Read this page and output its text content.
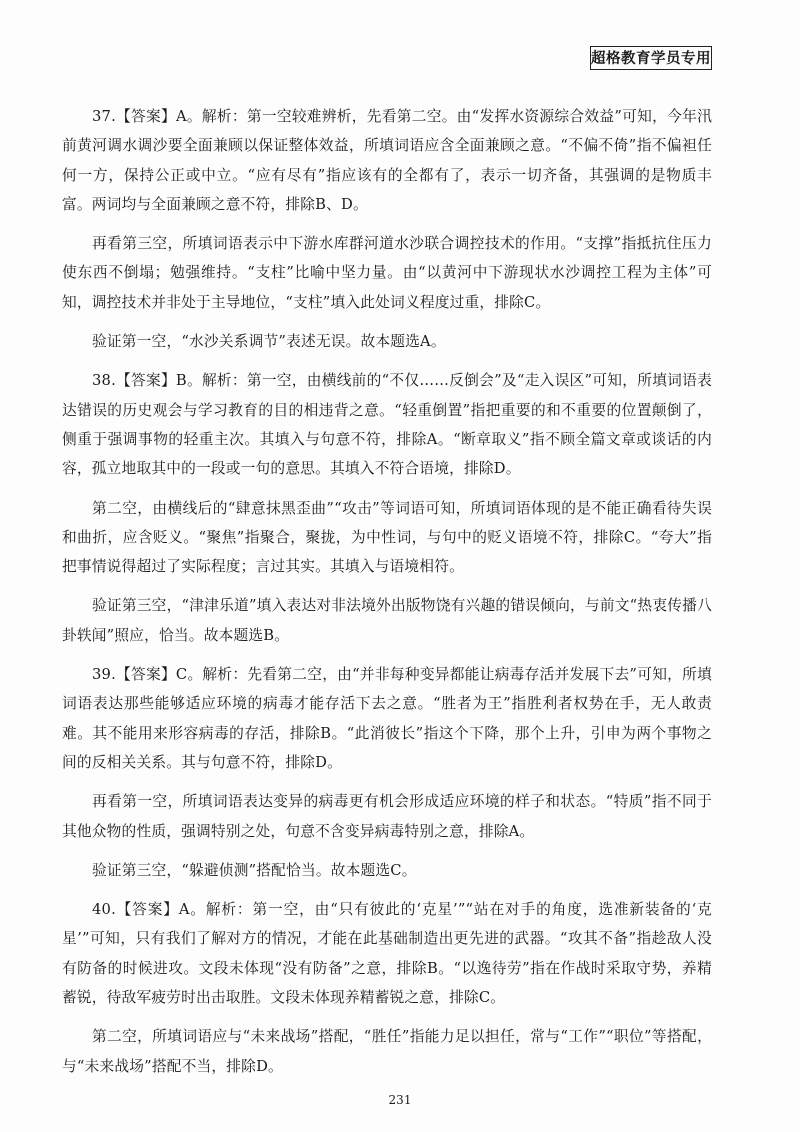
超格教育学员专用

37.【答案】A。解析：第一空较难辨析，先看第二空。由“发挥水资源综合效益”可知，今年汛前黄河调水调沙要全面兼顾以保证整体效益，所填词语应含全面兼顾之意。“不偏不倚”指不偏袒任何一方，保持公正或中立。“应有尽有”指应该有的全都有了，表示一切齐备，其强调的是物质丰富。两词均与全面兼顾之意不符，排除B、D。

再看第三空，所填词语表示中下游水库群河道水沙联合调控技术的作用。“支撑”指抵抗住压力使东西不倒塌；勉强维持。“支柱”比喻中坚力量。由“以黄河中下游现状水沙调控工程为主体”可知，调控技术并非处于主导地位，“支柱”填入此处词义程度过重，排除C。

验证第一空，“水沙关系调节”表述无误。故本题选A。

38.【答案】B。解析：第一空，由横线前的“不仅……反倒会”及“走入误区”可知，所填词语表达错误的历史观会与学习教育的目的相违背之意。“轻重倒置”指把重要的和不重要的位置颠倒了，侧重于强调事物的轻重主次。其填入与句意不符，排除A。“断章取义”指不顾全篇文章或谈话的内容，孤立地取其中的一段或一句的意思。其填入不符合语境，排除D。

第二空，由横线后的“肆意抹黑歪曲”“攻击”等词语可知，所填词语体现的是不能正确看待失误和曲折，应含贬义。“聚焦”指聚合，聚拢，为中性词，与句中的贬义语境不符，排除C。“夸大”指把事情说得超过了实际程度；言过其实。其填入与语境相符。

验证第三空，“津津乐道”填入表达对非法境外出版物饶有兴趣的错误倾向，与前文“热衷传播八卦轶闻”照应，恰当。故本题选B。

39.【答案】C。解析：先看第二空，由“并非每种变异都能让病毒存活并发展下去”可知，所填词语表达那些能够适应环境的病毒才能存活下去之意。“胜者为王”指胜利者权势在手，无人敢责难。其不能用来形容病毒的存活，排除B。“此消彼长”指这个下降，那个上升，引申为两个事物之间的反相关关系。其与句意不符，排除D。

再看第一空，所填词语表达变异的病毒更有机会形成适应环境的样子和状态。“特质”指不同于其他众物的性质，强调特别之处，句意不含变异病毒特别之意，排除A。

验证第三空，“躲避侦测”搭配恰当。故本题选C。

40.【答案】A。解析：第一空，由“只有彼此的‘克星’”“站在对手的角度，选准新装备的‘克星’”可知，只有我们了解对方的情况，才能在此基础制造出更先进的武器。“攻其不备”指趁敌人没有防备的时候进攻。文段未体现“没有防备”之意，排除B。“以逸待劳”指在作战时采取守势，养精蓄锐，待敌军疲劳时出击取胜。文段未体现养精蓄锐之意，排除C。

第二空，所填词语应与“未来战场”搭配，“胜任”指能力足以担任，常与“工作”“职位”等搭配，与“未来战场”搭配不当，排除D。

231
